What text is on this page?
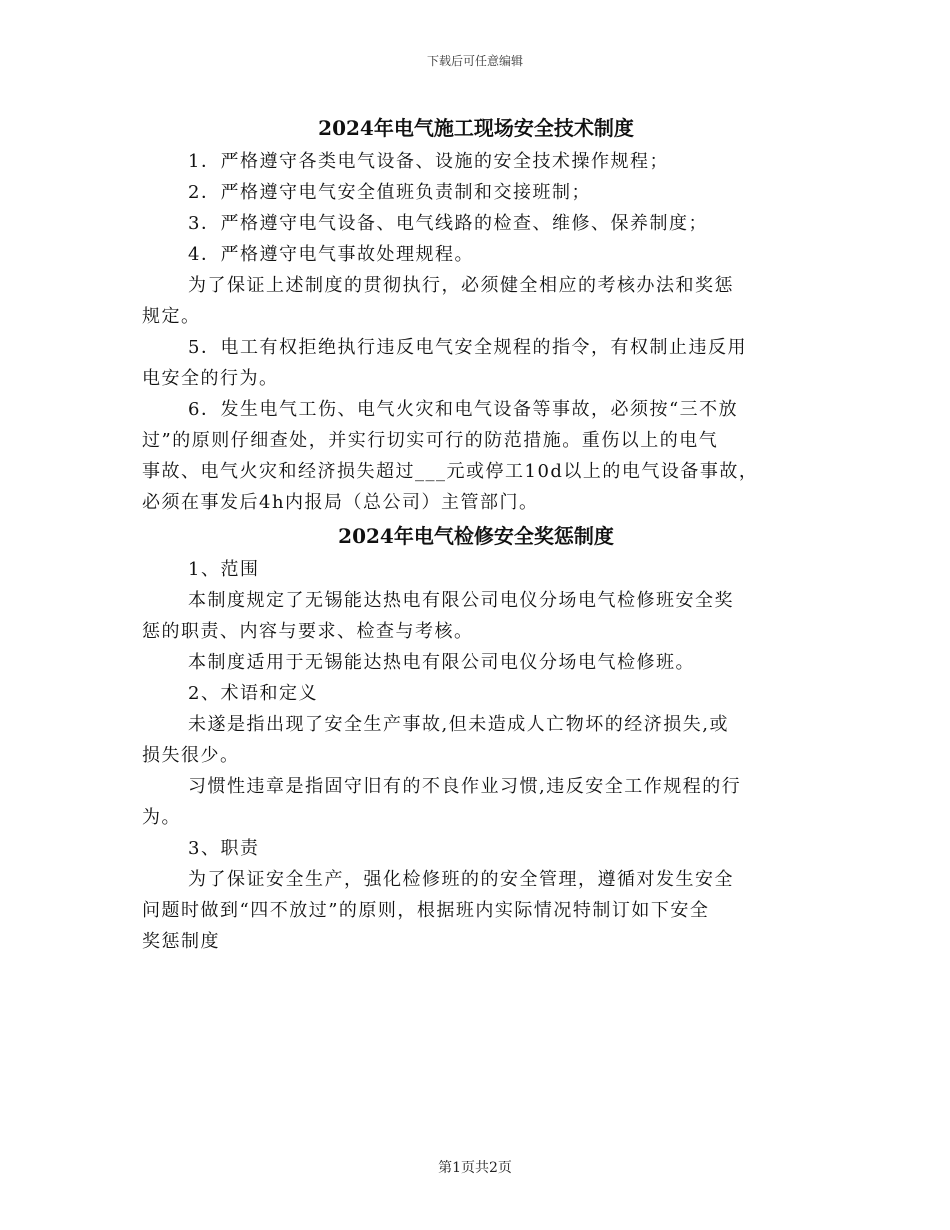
下载后可任意编辑
2024年电气施工现场安全技术制度

1．严格遵守各类电气设备、设施的安全技术操作规程；

2．严格遵守电气安全值班负责制和交接班制；

3．严格遵守电气设备、电气线路的检查、维修、保养制度；

4．严格遵守电气事故处理规程。

为了保证上述制度的贯彻执行，必须健全相应的考核办法和奖惩

规定。

5．电工有权拒绝执行违反电气安全规程的指令，有权制止违反用

电安全的行为。

6．发生电气工伤、电气火灾和电气设备等事故，必须按“三不放

过”的原则仔细查处，并实行切实可行的防范措施。重伤以上的电气

事故、电气火灾和经济损失超过___元或停工10d以上的电气设备事故，

必须在事发后4h内报局（总公司）主管部门。

2024年电气检修安全奖惩制度

1、范围

本制度规定了无锡能达热电有限公司电仪分场电气检修班安全奖

惩的职责、内容与要求、检查与考核。

本制度适用于无锡能达热电有限公司电仪分场电气检修班。

2、术语和定义

未遂是指出现了安全生产事故,但未造成人亡物坏的经济损失,或

损失很少。

习惯性违章是指固守旧有的不良作业习惯,违反安全工作规程的行

为。

3、职责

为了保证安全生产，强化检修班的的安全管理，遵循对发生安全

问题时做到“四不放过”的原则，根据班内实际情况特制订如下安全

奖惩制度

第1页共2页
